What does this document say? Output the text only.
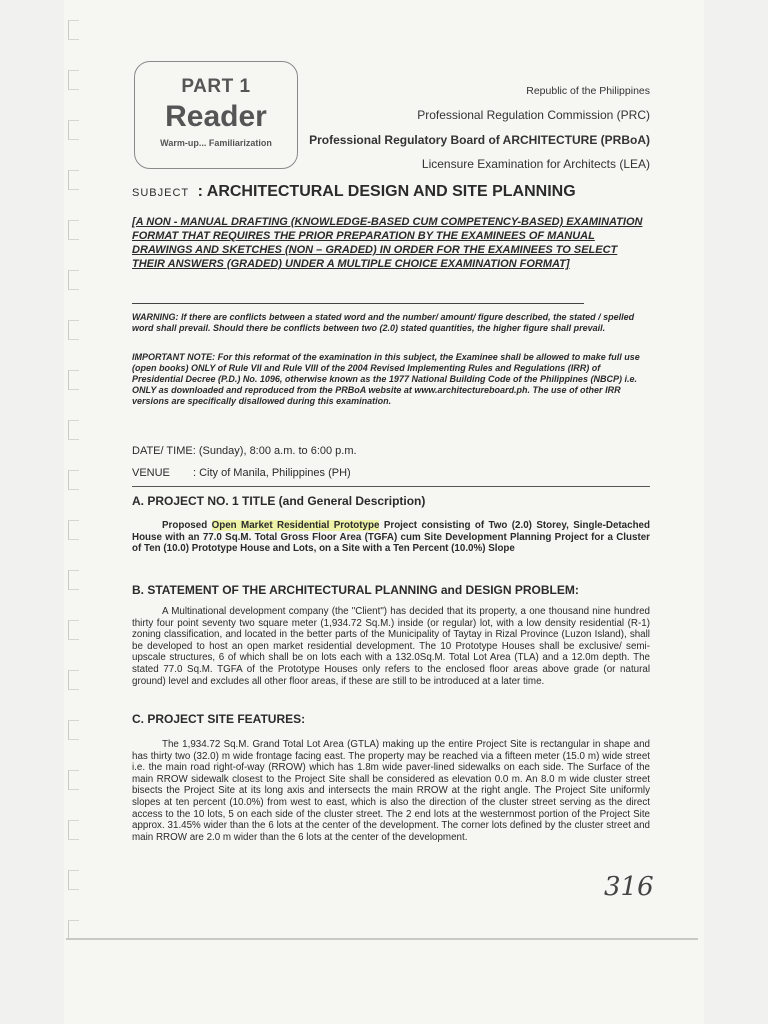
PART 1
Reader
Warm-up... Familiarization
Republic of the Philippines
Professional Regulation Commission (PRC)
Professional Regulatory Board of ARCHITECTURE (PRBoA)
Licensure Examination for Architects (LEA)
SUBJECT : ARCHITECTURAL DESIGN AND SITE PLANNING
[A NON - MANUAL DRAFTING (KNOWLEDGE-BASED CUM COMPETENCY-BASED) EXAMINATION FORMAT THAT REQUIRES THE PRIOR PREPARATION BY THE EXAMINEES OF MANUAL DRAWINGS AND SKETCHES (NON – GRADED) IN ORDER FOR THE EXAMINEES TO SELECT THEIR ANSWERS (GRADED) UNDER A MULTIPLE CHOICE EXAMINATION FORMAT]
WARNING: If there are conflicts between a stated word and the number/ amount/ figure described, the stated / spelled word shall prevail. Should there be conflicts between two (2.0) stated quantities, the higher figure shall prevail.
IMPORTANT NOTE: For this reformat of the examination in this subject, the Examinee shall be allowed to make full use (open books) ONLY of Rule VII and Rule VIII of the 2004 Revised Implementing Rules and Regulations (IRR) of Presidential Decree (P.D.) No. 1096, otherwise known as the 1977 National Building Code of the Philippines (NBCP) i.e. ONLY as downloaded and reproduced from the PRBoA website at www.architectureboard.ph. The use of other IRR versions are specifically disallowed during this examination.
DATE/ TIME: (Sunday), 8:00 a.m. to 6:00 p.m.
VENUE : City of Manila, Philippines (PH)
A. PROJECT NO. 1 TITLE (and General Description)
Proposed Open Market Residential Prototype Project consisting of Two (2.0) Storey, Single-Detached House with an 77.0 Sq.M. Total Gross Floor Area (TGFA) cum Site Development Planning Project for a Cluster of Ten (10.0) Prototype House and Lots, on a Site with a Ten Percent (10.0%) Slope
B. STATEMENT OF THE ARCHITECTURAL PLANNING and DESIGN PROBLEM:
A Multinational development company (the "Client") has decided that its property, a one thousand nine hundred thirty four point seventy two square meter (1,934.72 Sq.M.) inside (or regular) lot, with a low density residential (R-1) zoning classification, and located in the better parts of the Municipality of Taytay in Rizal Province (Luzon Island), shall be developed to host an open market residential development. The 10 Prototype Houses shall be exclusive/ semi-upscale structures, 6 of which shall be on lots each with a 132.0Sq.M. Total Lot Area (TLA) and a 12.0m depth. The stated 77.0 Sq.M. TGFA of the Prototype Houses only refers to the enclosed floor areas above grade (or natural ground) level and excludes all other floor areas, if these are still to be introduced at a later time.
C. PROJECT SITE FEATURES:
The 1,934.72 Sq.M. Grand Total Lot Area (GTLA) making up the entire Project Site is rectangular in shape and has thirty two (32.0) m wide frontage facing east. The property may be reached via a fifteen meter (15.0 m) wide street i.e. the main road right-of-way (RROW) which has 1.8m wide paver-lined sidewalks on each side. The Surface of the main RROW sidewalk closest to the Project Site shall be considered as elevation 0.0 m. An 8.0 m wide cluster street bisects the Project Site at its long axis and intersects the main RROW at the right angle. The Project Site uniformly slopes at ten percent (10.0%) from west to east, which is also the direction of the cluster street serving as the direct access to the 10 lots, 5 on each side of the cluster street. The 2 end lots at the westernmost portion of the Project Site approx. 31.45% wider than the 6 lots at the center of the development. The corner lots defined by the cluster street and main RROW are 2.0 m wider than the 6 lots at the center of the development.
316
